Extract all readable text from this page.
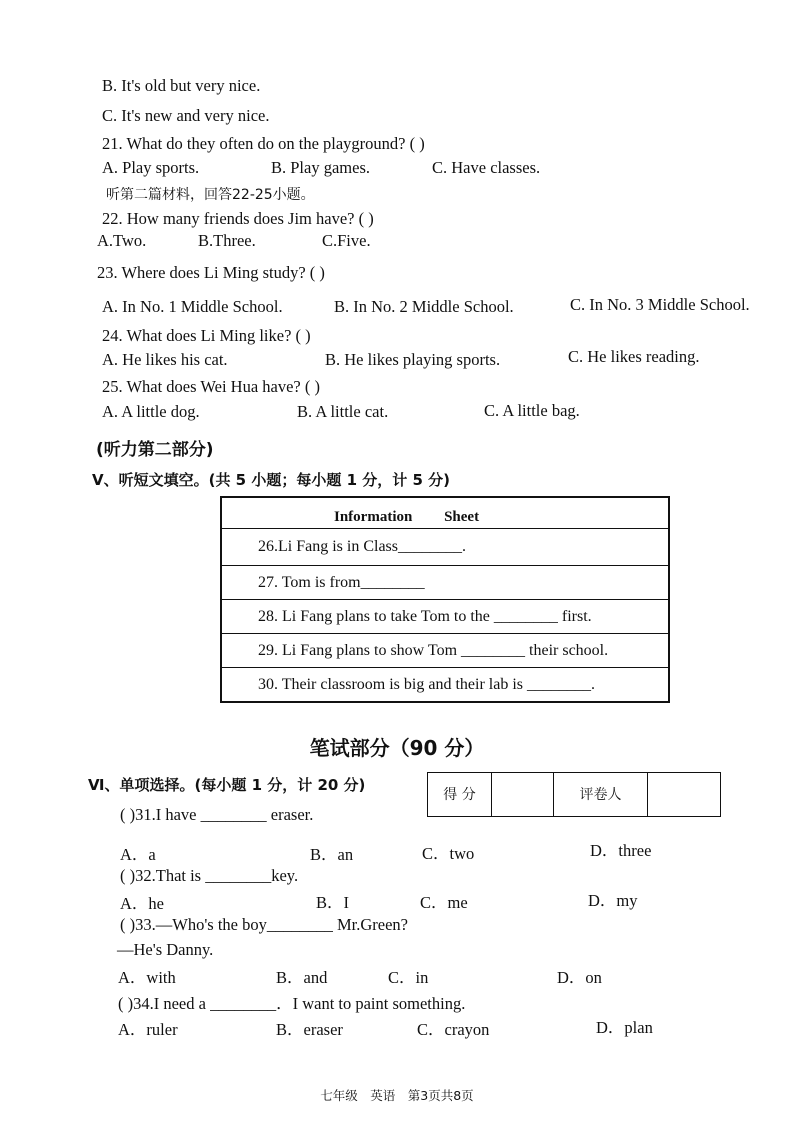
B. It's old but very nice.
C. It's new and very nice.
21. What do they often do on the playground? ( )
A. Play sports.	B. Play games.	C. Have classes.
听第二篇材料，回答22-25小题。
22. How many friends does Jim have? ( )
A.Two.	B.Three.	C.Five.
23. Where does Li Ming study? ( )
A. In No. 1 Middle School.	B. In No. 2 Middle School.	C. In No. 3 Middle School.
24. What does Li Ming like? ( )
A. He likes his cat.	B. He likes playing sports.	C. He likes reading.
25. What does Wei Hua have? ( )
A. A little dog.	B. A little cat.	C. A little bag.
(听力第二部分)
V、听短文填空。(共 5 小题；每小题 1 分，计 5 分)
Information Sheet
26.Li Fang is in Class________.
27. Tom is from________
28. Li Fang plans to take Tom to the ________ first.
29. Li Fang plans to show Tom ________ their school.
30. Their classroom is big and their lab is ________.
笔试部分（90 分）
Ⅵ、单项选择。(每小题 1 分，计 20 分)
得 分	评卷人
( )31.I have ________ eraser.
A．a	B．an	C．two	D．three
( )32.That is ________key.
A．he	B．I	C．me	D．my
( )33.—Who's the boy________ Mr.Green?
—He's Danny.
A．with	B．and	C．in	D．on
( )34.I need a ________．I want to paint something.
A．ruler	B．eraser	C．crayon	D．plan
七年级　英语　第3页共8页
